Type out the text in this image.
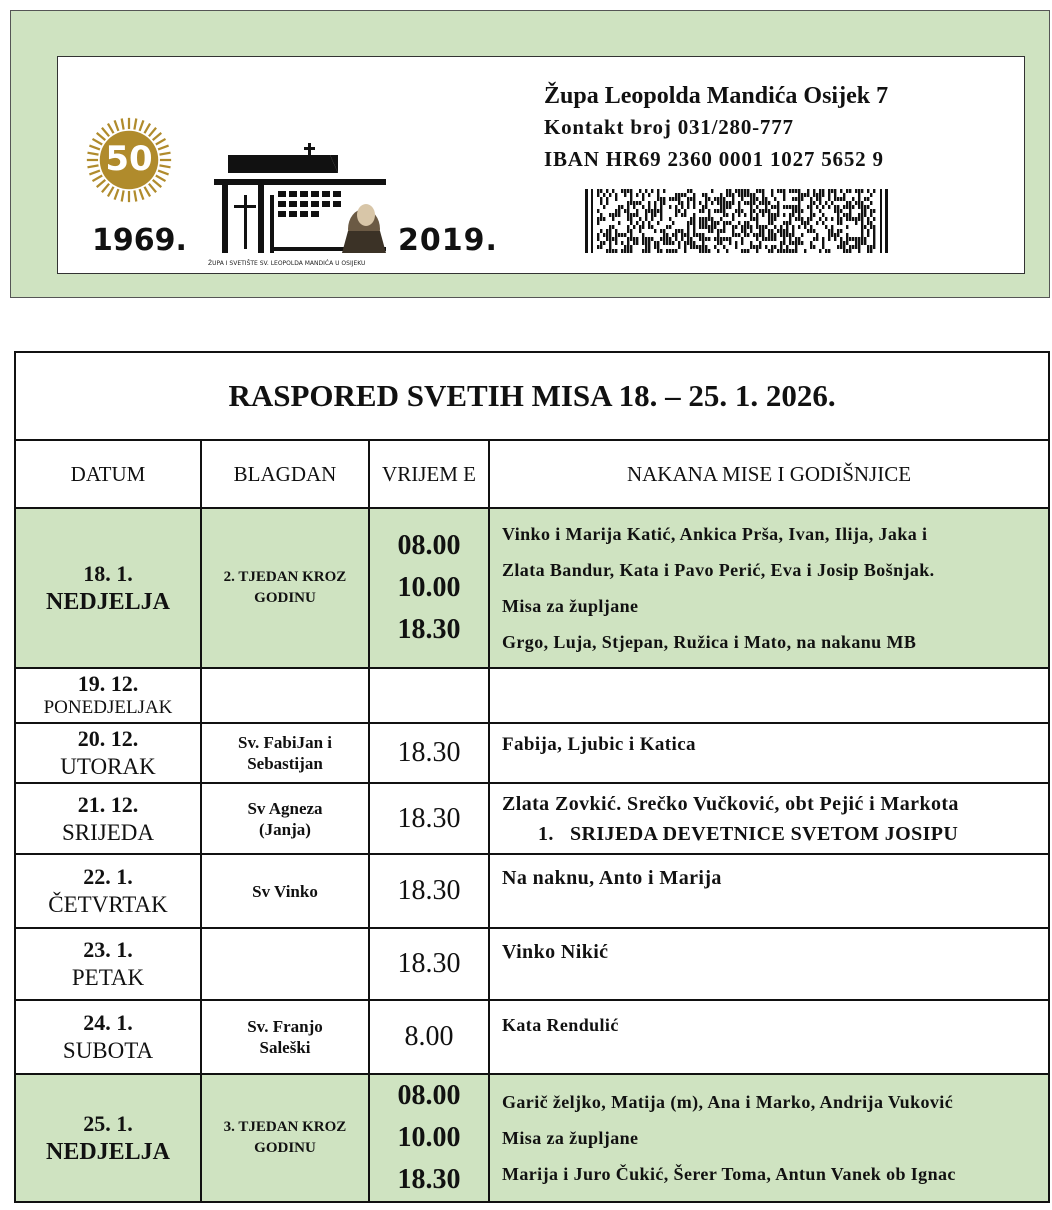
50
1969.
ŽUPA I SVETIŠTE SV. LEOPOLDA MANDIĆA U OSIJEKU
2019.
Župa Leopolda Mandića Osijek 7
Kontakt broj 031/280-777
IBAN HR69 2360 0001 1027 5652 9
RASPORED SVETIH MISA 18. – 25. 1. 2026.			
DATUM	BLAGDAN	VRIJEM E	NAKANA MISE I GODIŠNJICE

18. 1.
NEDJELJA	2. TJEDAN KROZ GODINU	08.00
10.00
18.30	Vinko i Marija Katić, Ankica Prša, Ivan, Ilija, Jaka i
Zlata Bandur, Kata i Pavo Perić, Eva i Josip Bošnjak.
Misa za župljane
Grgo, Luja, Stjepan, Ružica i Mato, na nakanu MB

19. 12.
PONEDJELJAK			

20. 12.
UTORAK	Sv. FabiJan i Sebastijan	18.30	Fabija, Ljubic i Katica

21. 12.
SRIJEDA	Sv Agneza (Janja)	18.30	Zlata Zovkić. Srečko Vučković, obt Pejić i Markota
1.   SRIJEDA DEVETNICE SVETOM JOSIPU

22. 1.
ČETVRTAK	Sv Vinko	18.30	Na naknu, Anto i Marija

23. 1.
PETAK		18.30	Vinko Nikić

24. 1.
SUBOTA	Sv. Franjo Saleški	8.00	Kata Rendulić

25. 1.
NEDJELJA	3. TJEDAN KROZ GODINU	08.00
10.00
18.30	Garič željko, Matija (m), Ana i Marko, Andrija Vuković
Misa za župljane
Marija i Juro Čukić, Šerer Toma, Antun Vanek ob Ignac
